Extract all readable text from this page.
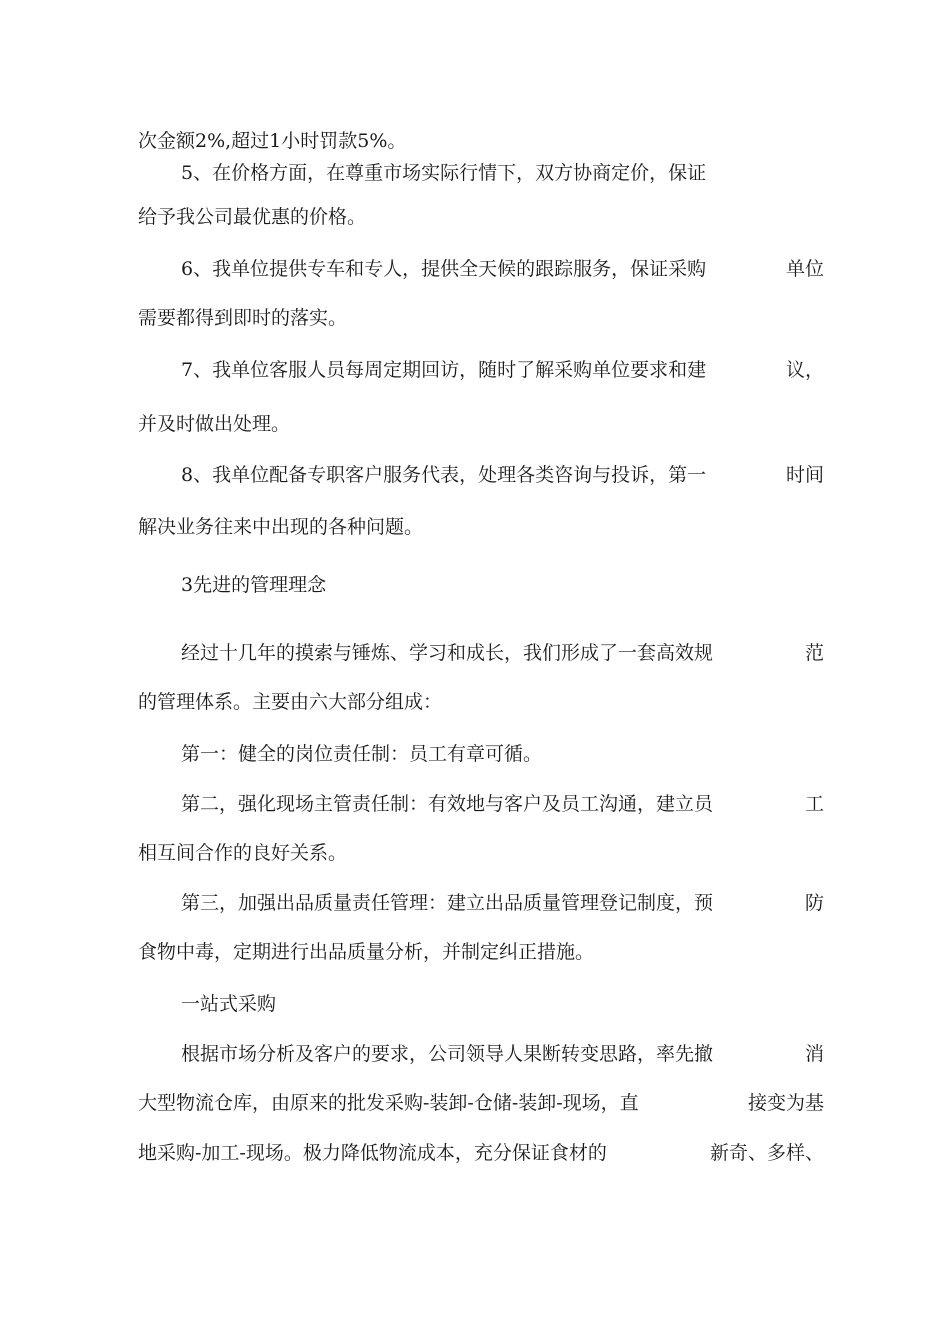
次金额2%,超过1小时罚款5%。
5、在价格方面，在尊重市场实际行情下，双方协商定价，保证
给予我公司最优惠的价格。
6、我单位提供专车和专人，提供全天候的跟踪服务，保证采购	单位
需要都得到即时的落实。
7、我单位客服人员每周定期回访，随时了解采购单位要求和建	议，
并及时做出处理。
8、我单位配备专职客户服务代表，处理各类咨询与投诉，第一	时间
解决业务往来中出现的各种问题。
3先进的管理理念
经过十几年的摸索与锤炼、学习和成长，我们形成了一套高效规	范
的管理体系。主要由六大部分组成：
第一：健全的岗位责任制：员工有章可循。
第二，强化现场主管责任制：有效地与客户及员工沟通，建立员	工
相互间合作的良好关系。
第三，加强出品质量责任管理：建立出品质量管理登记制度，预	防
食物中毒，定期进行出品质量分析，并制定纠正措施。
一站式采购
根据市场分析及客户的要求，公司领导人果断转变思路，率先撤	消
大型物流仓库，由原来的批发采购-装卸-仓储-装卸-现场，直	接变为基
地采购-加工-现场。极力降低物流成本，充分保证食材的	新奇、多样、
